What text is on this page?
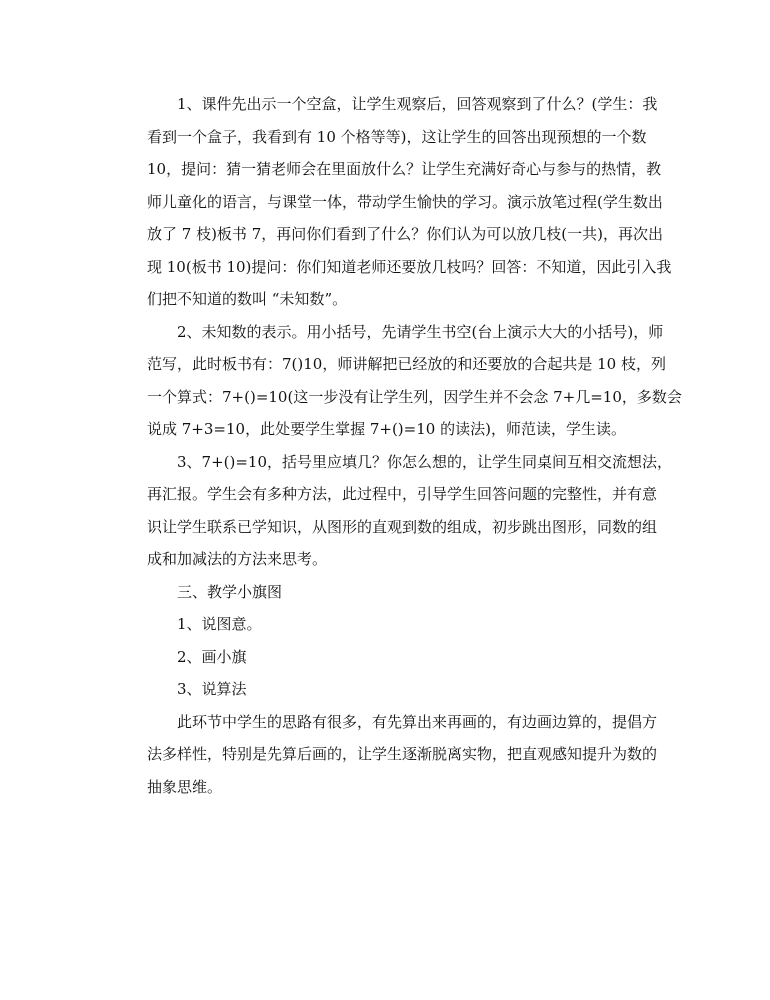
1、课件先出示一个空盒，让学生观察后，回答观察到了什么？(学生：我
看到一个盒子，我看到有 10 个格等等)，这让学生的回答出现预想的一个数
10，提问：猜一猜老师会在里面放什么？让学生充满好奇心与参与的热情，教
师儿童化的语言，与课堂一体，带动学生愉快的学习。演示放笔过程(学生数出
放了 7 枝)板书 7，再问你们看到了什么？你们认为可以放几枝(一共)，再次出
现 10(板书 10)提问：你们知道老师还要放几枝吗？回答：不知道，因此引入我
们把不知道的数叫 “未知数”。
2、未知数的表示。用小括号，先请学生书空(台上演示大大的小括号)，师
范写，此时板书有：7()10，师讲解把已经放的和还要放的合起共是 10 枝，列
一个算式：7+()=10(这一步没有让学生列，因学生并不会念 7+几=10，多数会
说成 7+3=10，此处要学生掌握 7+()=10 的读法)，师范读，学生读。
3、7+()=10，括号里应填几？你怎么想的，让学生同桌间互相交流想法，
再汇报。学生会有多种方法，此过程中，引导学生回答问题的完整性，并有意
识让学生联系已学知识，从图形的直观到数的组成，初步跳出图形，同数的组
成和加减法的方法来思考。
三、教学小旗图
1、说图意。
2、画小旗
3、说算法
此环节中学生的思路有很多，有先算出来再画的，有边画边算的，提倡方
法多样性，特别是先算后画的，让学生逐渐脱离实物，把直观感知提升为数的
抽象思维。
